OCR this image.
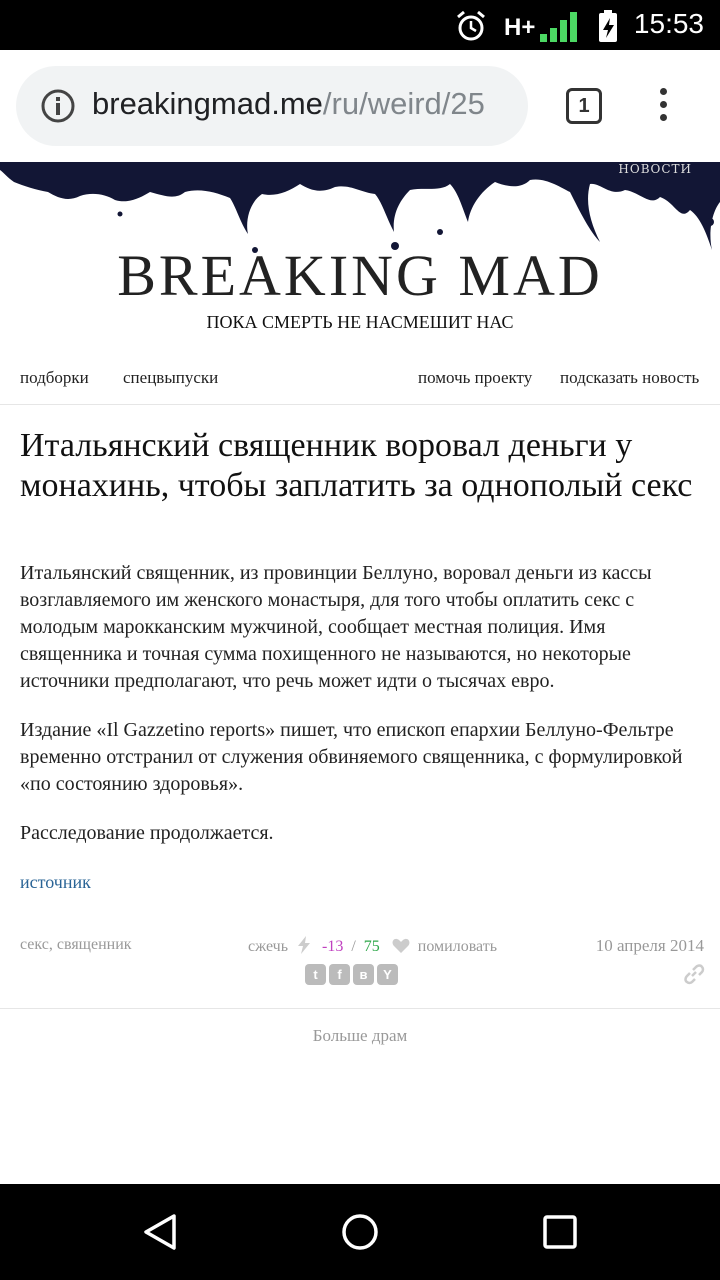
H+	15:53
breakingmad.me/ru/weird/25	1
НОВОСТИ
BREAKING MAD
ПОКА СМЕРТЬ НЕ НАСМЕШИТ НАС
подборки спецвыпуски	помочь проекту подсказать новость
Итальянский священник воровал деньги у монахинь, чтобы заплатить за однополый секс

Итальянский священник, из провинции Беллуно, воровал деньги из кассы возглавляемого им женского монастыря, для того чтобы оплатить секс с молодым марокканским мужчиной, сообщает местная полиция. Имя священника и точная сумма похищенного не называются, но некоторые источники предполагают, что речь может идти о тысячах евро.

Издание «Il Gazzetino reports» пишет, что епископ епархии Беллуно-Фельтре временно отстранил от служения обвиняемого священника, с формулировкой «по состоянию здоровья».

Расследование продолжается.

источник
секс, священник	сжечь -13 / 75 помиловать	10 апреля 2014
t f в Y
Больше драм
